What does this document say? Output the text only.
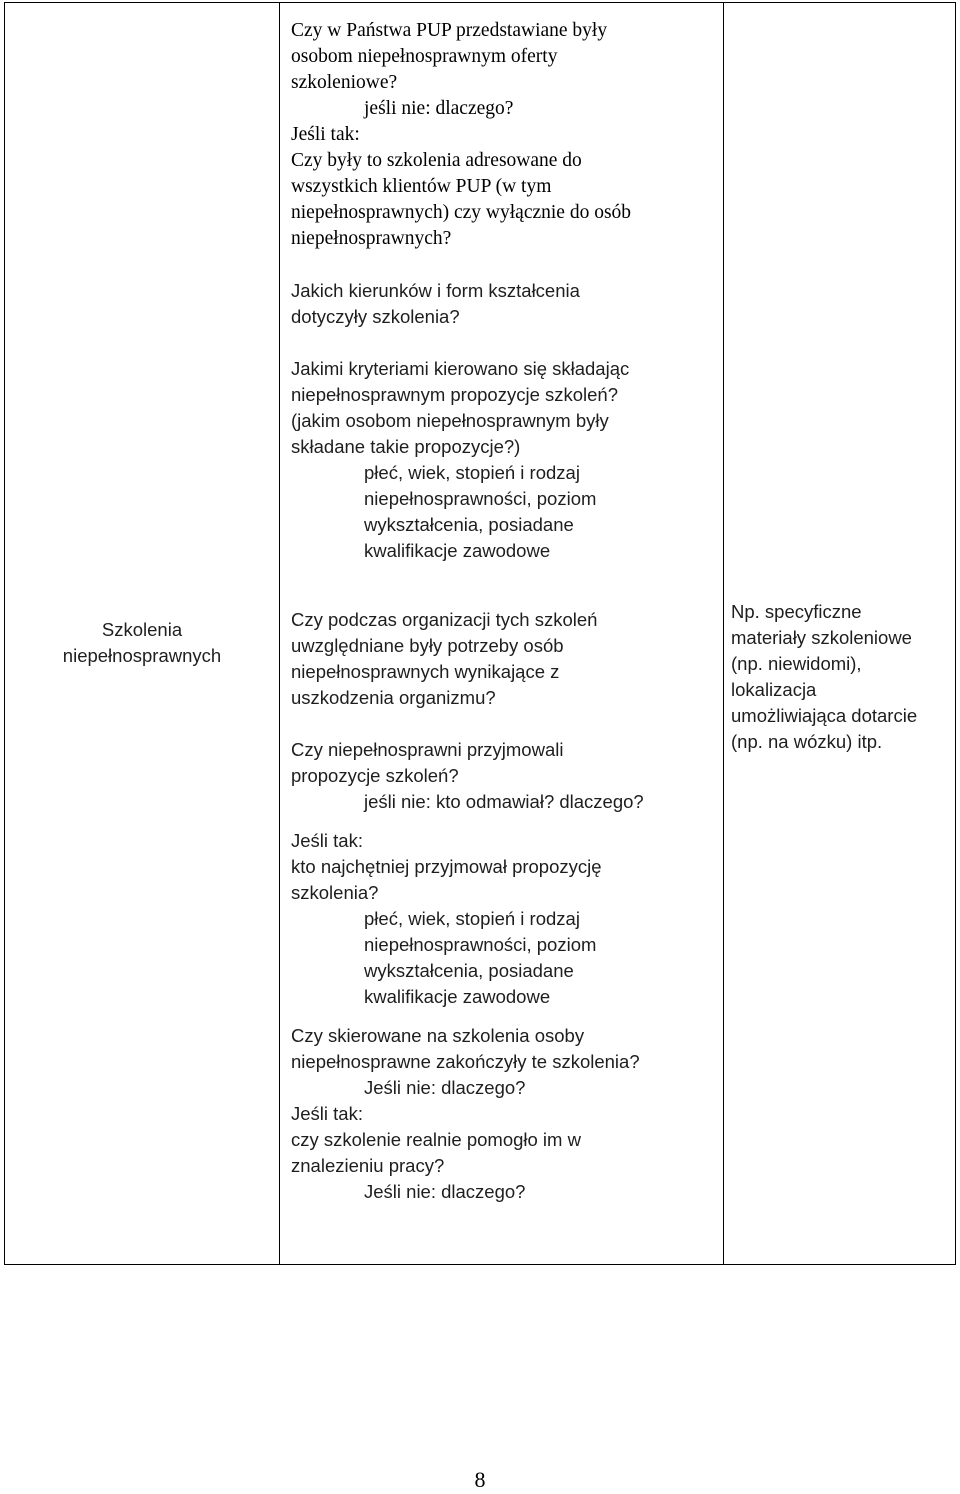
Szkolenia
niepełnosprawnych
Czy w Państwa PUP przedstawiane były
osobom niepełnosprawnym oferty
szkoleniowe?
jeśli nie: dlaczego?
Jeśli tak:
Czy były to szkolenia adresowane do
wszystkich klientów PUP (w tym
niepełnosprawnych) czy wyłącznie do osób
niepełnosprawnych?
Jakich kierunków i form kształcenia
dotyczyły szkolenia?
Jakimi kryteriami kierowano się składając
niepełnosprawnym propozycje szkoleń?
(jakim osobom niepełnosprawnym były
składane takie propozycje?)
płeć, wiek, stopień i rodzaj
niepełnosprawności, poziom
wykształcenia, posiadane
kwalifikacje zawodowe
Czy podczas organizacji tych szkoleń
uwzględniane były potrzeby osób
niepełnosprawnych wynikające z
uszkodzenia organizmu?
Czy niepełnosprawni przyjmowali
propozycje szkoleń?
jeśli nie: kto odmawiał? dlaczego?
Jeśli tak:
kto najchętniej przyjmował propozycję
szkolenia?
płeć, wiek, stopień i rodzaj
niepełnosprawności, poziom
wykształcenia, posiadane
kwalifikacje zawodowe
Czy skierowane na szkolenia osoby
niepełnosprawne zakończyły te szkolenia?
Jeśli nie: dlaczego?
Jeśli tak:
czy szkolenie realnie pomogło im w
znalezieniu pracy?
Jeśli nie: dlaczego?
Np. specyficzne
materiały szkoleniowe
(np. niewidomi),
lokalizacja
umożliwiająca dotarcie
(np. na wózku) itp.
8
